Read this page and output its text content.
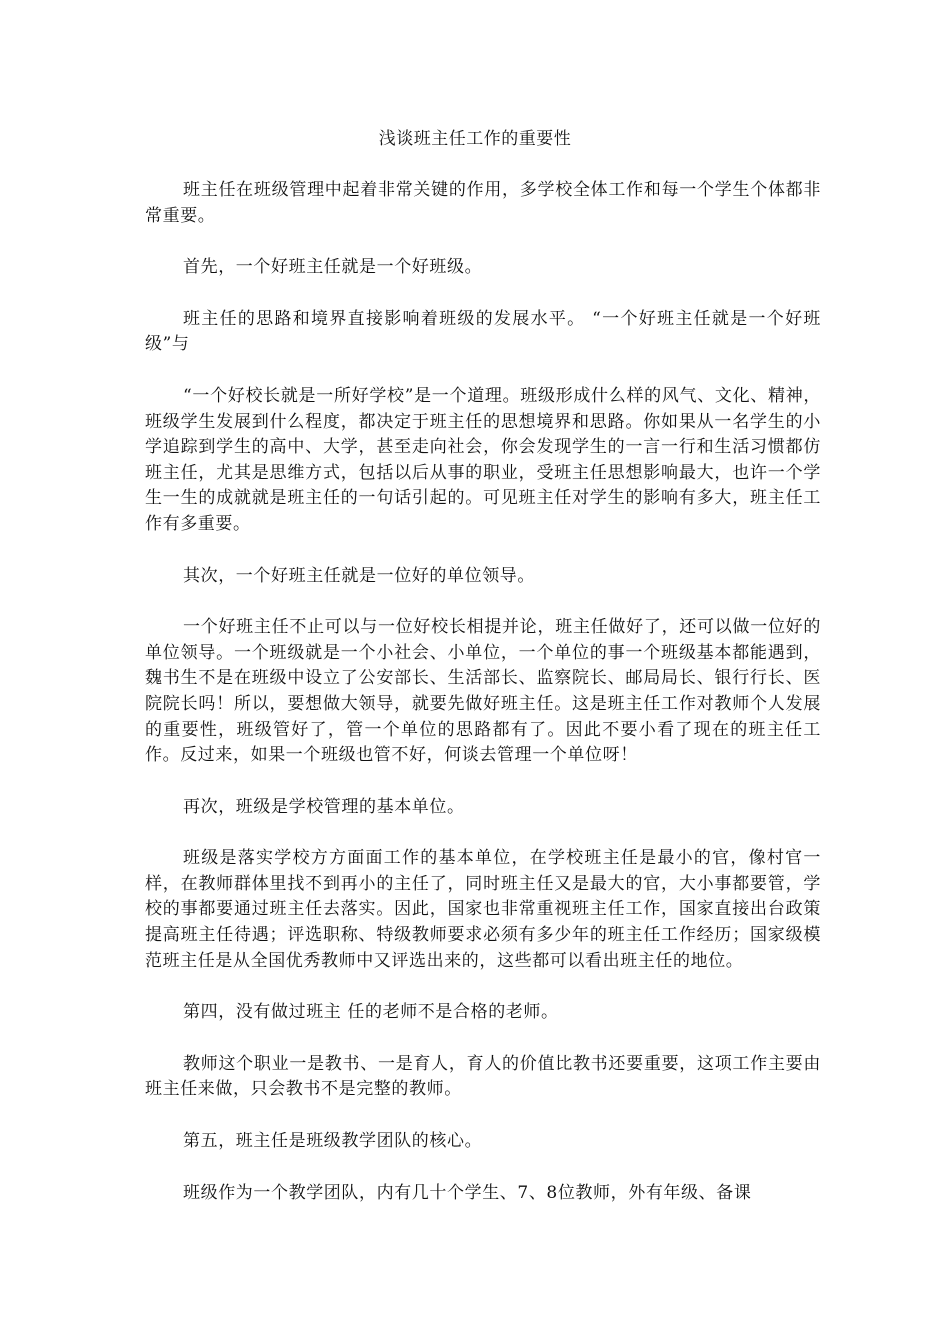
浅谈班主任工作的重要性

班主任在班级管理中起着非常关键的作用，多学校全体工作和每一个学生个体都非常重要。

首先，一个好班主任就是一个好班级。

班主任的思路和境界直接影响着班级的发展水平。 “一个好班主任就是一个好班级”与

“一个好校长就是一所好学校”是一个道理。班级形成什么样的风气、文化、精神，班级学生发展到什么程度，都决定于班主任的思想境界和思路。你如果从一名学生的小学追踪到学生的高中、大学，甚至走向社会，你会发现学生的一言一行和生活习惯都仿班主任，尤其是思维方式，包括以后从事的职业，受班主任思想影响最大，也许一个学生一生的成就就是班主任的一句话引起的。可见班主任对学生的影响有多大，班主任工作有多重要。

其次，一个好班主任就是一位好的单位领导。

一个好班主任不止可以与一位好校长相提并论，班主任做好了，还可以做一位好的单位领导。一个班级就是一个小社会、小单位，一个单位的事一个班级基本都能遇到，魏书生不是在班级中设立了公安部长、生活部长、监察院长、邮局局长、银行行长、医院院长吗！所以，要想做大领导，就要先做好班主任。这是班主任工作对教师个人发展的重要性，班级管好了，管一个单位的思路都有了。因此不要小看了现在的班主任工作。反过来，如果一个班级也管不好，何谈去管理一个单位呀！

再次，班级是学校管理的基本单位。

班级是落实学校方方面面工作的基本单位，在学校班主任是最小的官，像村官一样，在教师群体里找不到再小的主任了，同时班主任又是最大的官，大小事都要管，学校的事都要通过班主任去落实。因此，国家也非常重视班主任工作，国家直接出台政策提高班主任待遇；评选职称、特级教师要求必须有多少年的班主任工作经历；国家级模范班主任是从全国优秀教师中又评选出来的，这些都可以看出班主任的地位。

第四，没有做过班主 任的老师不是合格的老师。

教师这个职业一是教书、一是育人，育人的价值比教书还要重要，这项工作主要由班主任来做，只会教书不是完整的教师。

第五，班主任是班级教学团队的核心。

班级作为一个教学团队，内有几十个学生、7、8位教师，外有年级、备课
